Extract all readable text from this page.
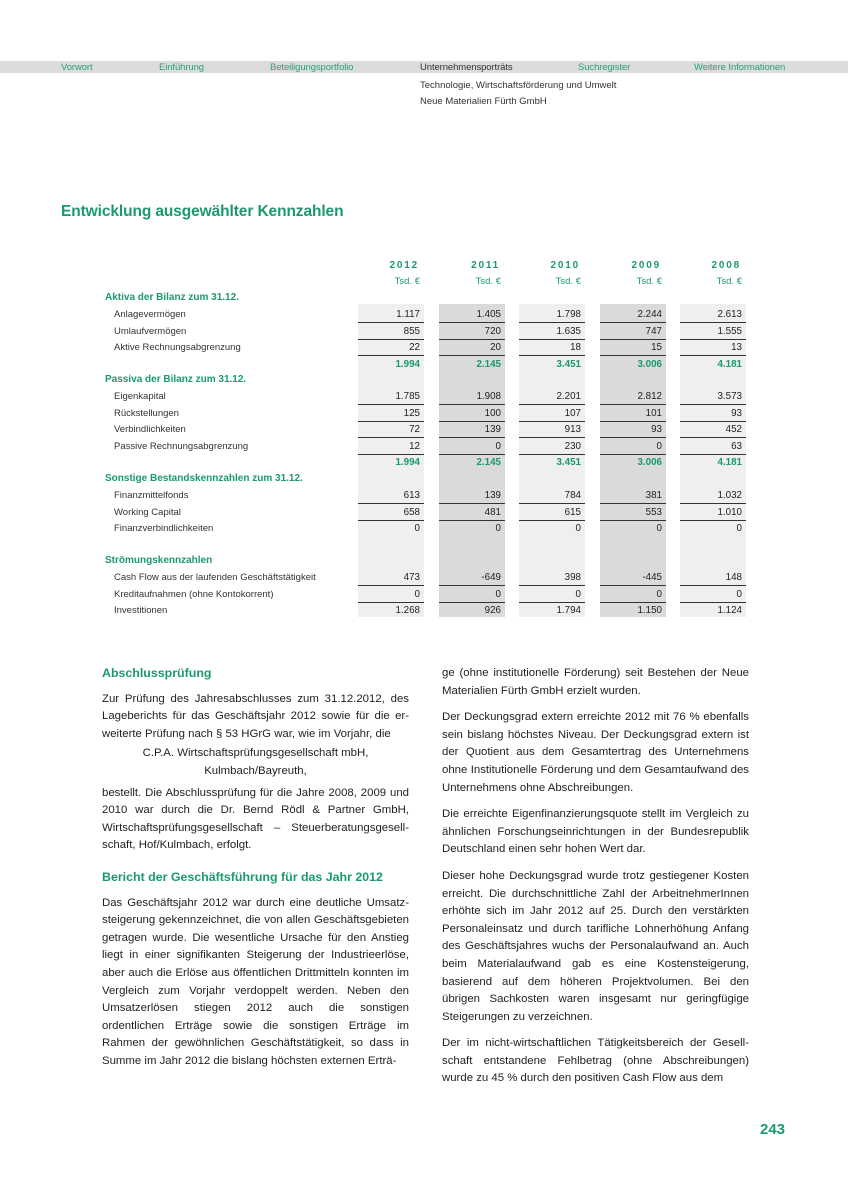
Vorwort	Einführung	Beteiligungsportfolio	Unternehmensporträts	Suchregister	Weitere Informationen
Technologie, Wirtschaftsförderung und Umwelt
Neue Materialien Fürth GmbH
Entwicklung ausgewählter Kennzahlen
2012	2011	2010	2009	2008
Tsd. €	Tsd. €	Tsd. €	Tsd. €	Tsd. €
Aktiva der Bilanz zum 31.12.
Anlagevermögen	1.117	1.405	1.798	2.244	2.613
Umlaufvermögen	855	720	1.635	747	1.555
Aktive Rechnungsabgrenzung	22	20	18	15	13
1.994	2.145	3.451	3.006	4.181
Passiva der Bilanz zum 31.12.
Eigenkapital	1.785	1.908	2.201	2.812	3.573
Rückstellungen	125	100	107	101	93
Verbindlichkeiten	72	139	913	93	452
Passive Rechnungsabgrenzung	12	0	230	0	63
1.994	2.145	3.451	3.006	4.181
Sonstige Bestandskennzahlen zum 31.12.
Finanzmittelfonds	613	139	784	381	1.032
Working Capital	658	481	615	553	1.010
Finanzverbindlichkeiten	0	0	0	0	0
Strömungskennzahlen
Cash Flow aus der laufenden Geschäftstätigkeit	473	-649	398	-445	148
Kreditaufnahmen (ohne Kontokorrent)	0	0	0	0	0
Investitionen	1.268	926	1.794	1.150	1.124
Abschlussprüfung

Zur Prüfung des Jahresabschlusses zum 31.12.2012, des Lageberichts für das Geschäftsjahr 2012 sowie für die erweiterte Prüfung nach § 53 HGrG war, wie im Vorjahr, die

C.P.A. Wirtschaftsprüfungsgesellschaft mbH,
Kulmbach/Bayreuth,

bestellt. Die Abschlussprüfung für die Jahre 2008, 2009 und 2010 war durch die Dr. Bernd Rödl & Partner GmbH, Wirtschaftsprüfungsgesellschaft – Steuerberatungsgesellschaft, Hof/Kulmbach, erfolgt.

Bericht der Geschäftsführung für das Jahr 2012

Das Geschäftsjahr 2012 war durch eine deutliche Umsatzsteigerung gekennzeichnet, die von allen Geschäftsgebieten getragen wurde. Die wesentliche Ursache für den Anstieg liegt in einer signifikanten Steigerung der Industrieerlöse, aber auch die Erlöse aus öffentlichen Drittmitteln konnten im Vergleich zum Vorjahr verdoppelt werden. Neben den Umsatzerlösen stiegen 2012 auch die sonstigen ordentlichen Erträge sowie die sonstigen Erträge im Rahmen der gewöhnlichen Geschäftstätigkeit, so dass in Summe im Jahr 2012 die bislang höchsten externen Erträ-

ge (ohne institutionelle Förderung) seit Bestehen der Neue Materialien Fürth GmbH erzielt wurden.

Der Deckungsgrad extern erreichte 2012 mit 76 % ebenfalls sein bislang höchstes Niveau. Der Deckungsgrad extern ist der Quotient aus dem Gesamtertrag des Unternehmens ohne Institutionelle Förderung und dem Gesamtaufwand des Unternehmens ohne Abschreibungen.

Die erreichte Eigenfinanzierungsquote stellt im Vergleich zu ähnlichen Forschungseinrichtungen in der Bundesrepublik Deutschland einen sehr hohen Wert dar.

Dieser hohe Deckungsgrad wurde trotz gestiegener Kosten erreicht. Die durchschnittliche Zahl der ArbeitnehmerInnen erhöhte sich im Jahr 2012 auf 25. Durch den verstärkten Personaleinsatz und durch tarifliche Lohnerhöhung Anfang des Geschäftsjahres wuchs der Personalaufwand an. Auch beim Materialaufwand gab es eine Kostensteigerung, basierend auf dem höheren Projektvolumen. Bei den übrigen Sachkosten waren insgesamt nur geringfügige Steigerungen zu verzeichnen.

Der im nicht-wirtschaftlichen Tätigkeitsbereich der Gesellschaft entstandene Fehlbetrag (ohne Abschreibungen) wurde zu 45 % durch den positiven Cash Flow aus dem

243
